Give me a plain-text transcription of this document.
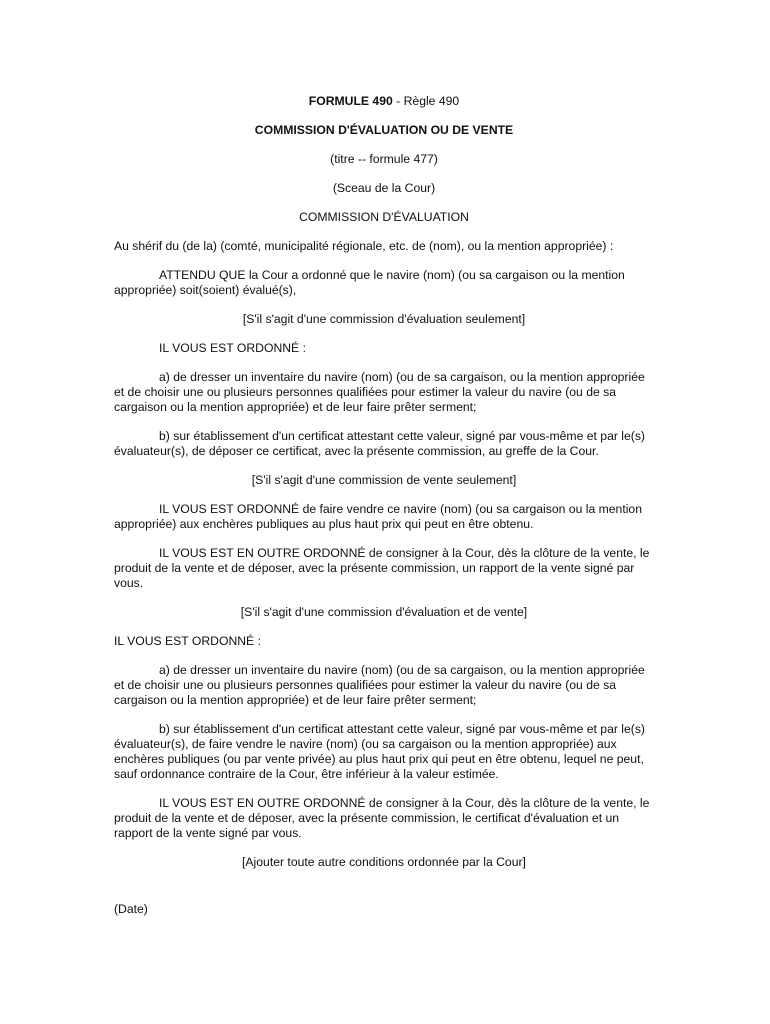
FORMULE 490 - Règle 490

COMMISSION D'ÉVALUATION OU DE VENTE

(titre -- formule 477)

(Sceau de la Cour)

COMMISSION D'ÉVALUATION

Au shérif du (de la) (comté, municipalité régionale, etc. de (nom), ou la mention appropriée) :

ATTENDU QUE la Cour a ordonné que le navire (nom) (ou sa cargaison ou la mention appropriée) soit(soient) évalué(s),

[S'il s'agit d'une commission d'évaluation seulement]

IL VOUS EST ORDONNÉ :

a) de dresser un inventaire du navire (nom) (ou de sa cargaison, ou la mention appropriée et de choisir une ou plusieurs personnes qualifiées pour estimer la valeur du navire (ou de sa cargaison ou la mention appropriée) et de leur faire prêter serment;

b) sur établissement d'un certificat attestant cette valeur, signé par vous-même et par le(s) évaluateur(s), de déposer ce certificat, avec la présente commission, au greffe de la Cour.

[S'il s'agit d'une commission de vente seulement]

IL VOUS EST ORDONNÉ de faire vendre ce navire (nom) (ou sa cargaison ou la mention appropriée) aux enchères publiques au plus haut prix qui peut en être obtenu.

IL VOUS EST EN OUTRE ORDONNÉ de consigner à la Cour, dès la clôture de la vente, le produit de la vente et de déposer, avec la présente commission, un rapport de la vente signé par vous.

[S'il s'agit d'une commission d'évaluation et de vente]

IL VOUS EST ORDONNÉ :

a) de dresser un inventaire du navire (nom) (ou de sa cargaison, ou la mention appropriée et de choisir une ou plusieurs personnes qualifiées pour estimer la valeur du navire (ou de sa cargaison ou la mention appropriée) et de leur faire prêter serment;

b) sur établissement d'un certificat attestant cette valeur, signé par vous-même et par le(s) évaluateur(s), de faire vendre le navire (nom) (ou sa cargaison ou la mention appropriée) aux enchères publiques (ou par vente privée) au plus haut prix qui peut en être obtenu, lequel ne peut, sauf ordonnance contraire de la Cour, être inférieur à la valeur estimée.

IL VOUS EST EN OUTRE ORDONNÉ de consigner à la Cour, dès la clôture de la vente, le produit de la vente et de déposer, avec la présente commission, le certificat d'évaluation et un rapport de la vente signé par vous.

[Ajouter toute autre conditions ordonnée par la Cour]

(Date)
